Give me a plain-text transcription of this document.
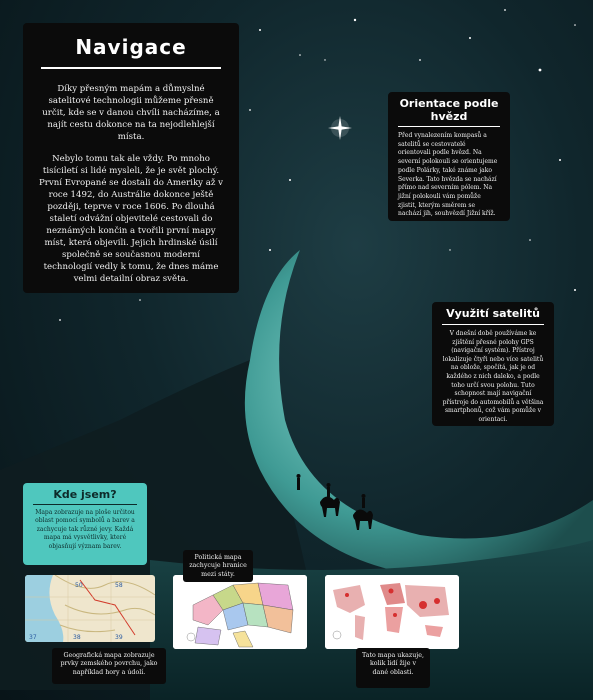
Navigace

Díky přesným mapám a důmyslné satelitové technologii můžeme přesně určit, kde se v danou chvíli nacházíme, a najít cestu dokonce na ta nejodlehlejší místa.

Nebylo tomu tak ale vždy. Po mnoho tisíciletí si lidé mysleli, že je svět plochý. První Evropané se dostali do Ameriky až v roce 1492, do Austrálie dokonce ještě později, teprve v roce 1606. Po dlouhá staletí odvážní objevitelé cestovali do neznámých končin a tvořili první mapy míst, která objevili. Jejich hrdinské úsilí společně se současnou moderní technologií vedly k tomu, že dnes máme velmi detailní obraz světa.

Orientace podle hvězd

Před vynalezením kompasů a satelitů se cestovatelé orientovali podle hvězd. Na severní polokouli se orientujeme podle Polárky, také známe jako Severka. Tato hvězda se nachází přímo nad severním pólem. Na jižní polokouli vám pomůže zjistit, kterým směrem se nachází jih, souhvězdí Jižní kříž.

Využití satelitů

V dnešní době používáme ke zjištění přesné polohy GPS (navigační systém). Přístroj lokalizuje čtyři nebo více satelitů na oblože, spočítá, jak je od každého z nich daleko, a podle toho určí svou polohu. Tuto schopnost mají navigační přístroje do automobilů a většina smartphonů, což vám pomůže v orientaci.

Kde jsem?

Mapa zobrazuje na ploše určitou oblast pomocí symbolů a barev a zachycuje tak různé jevy. Každá mapa má vysvětlivky, které objasňují význam barev.

37	38	39
50	58
Politická mapa zachycuje hranice mezi státy.
Geografická mapa zobrazuje prvky zemského povrchu, jako například hory a údolí.
Tato mapa ukazuje, kolik lidí žije v dané oblasti.
